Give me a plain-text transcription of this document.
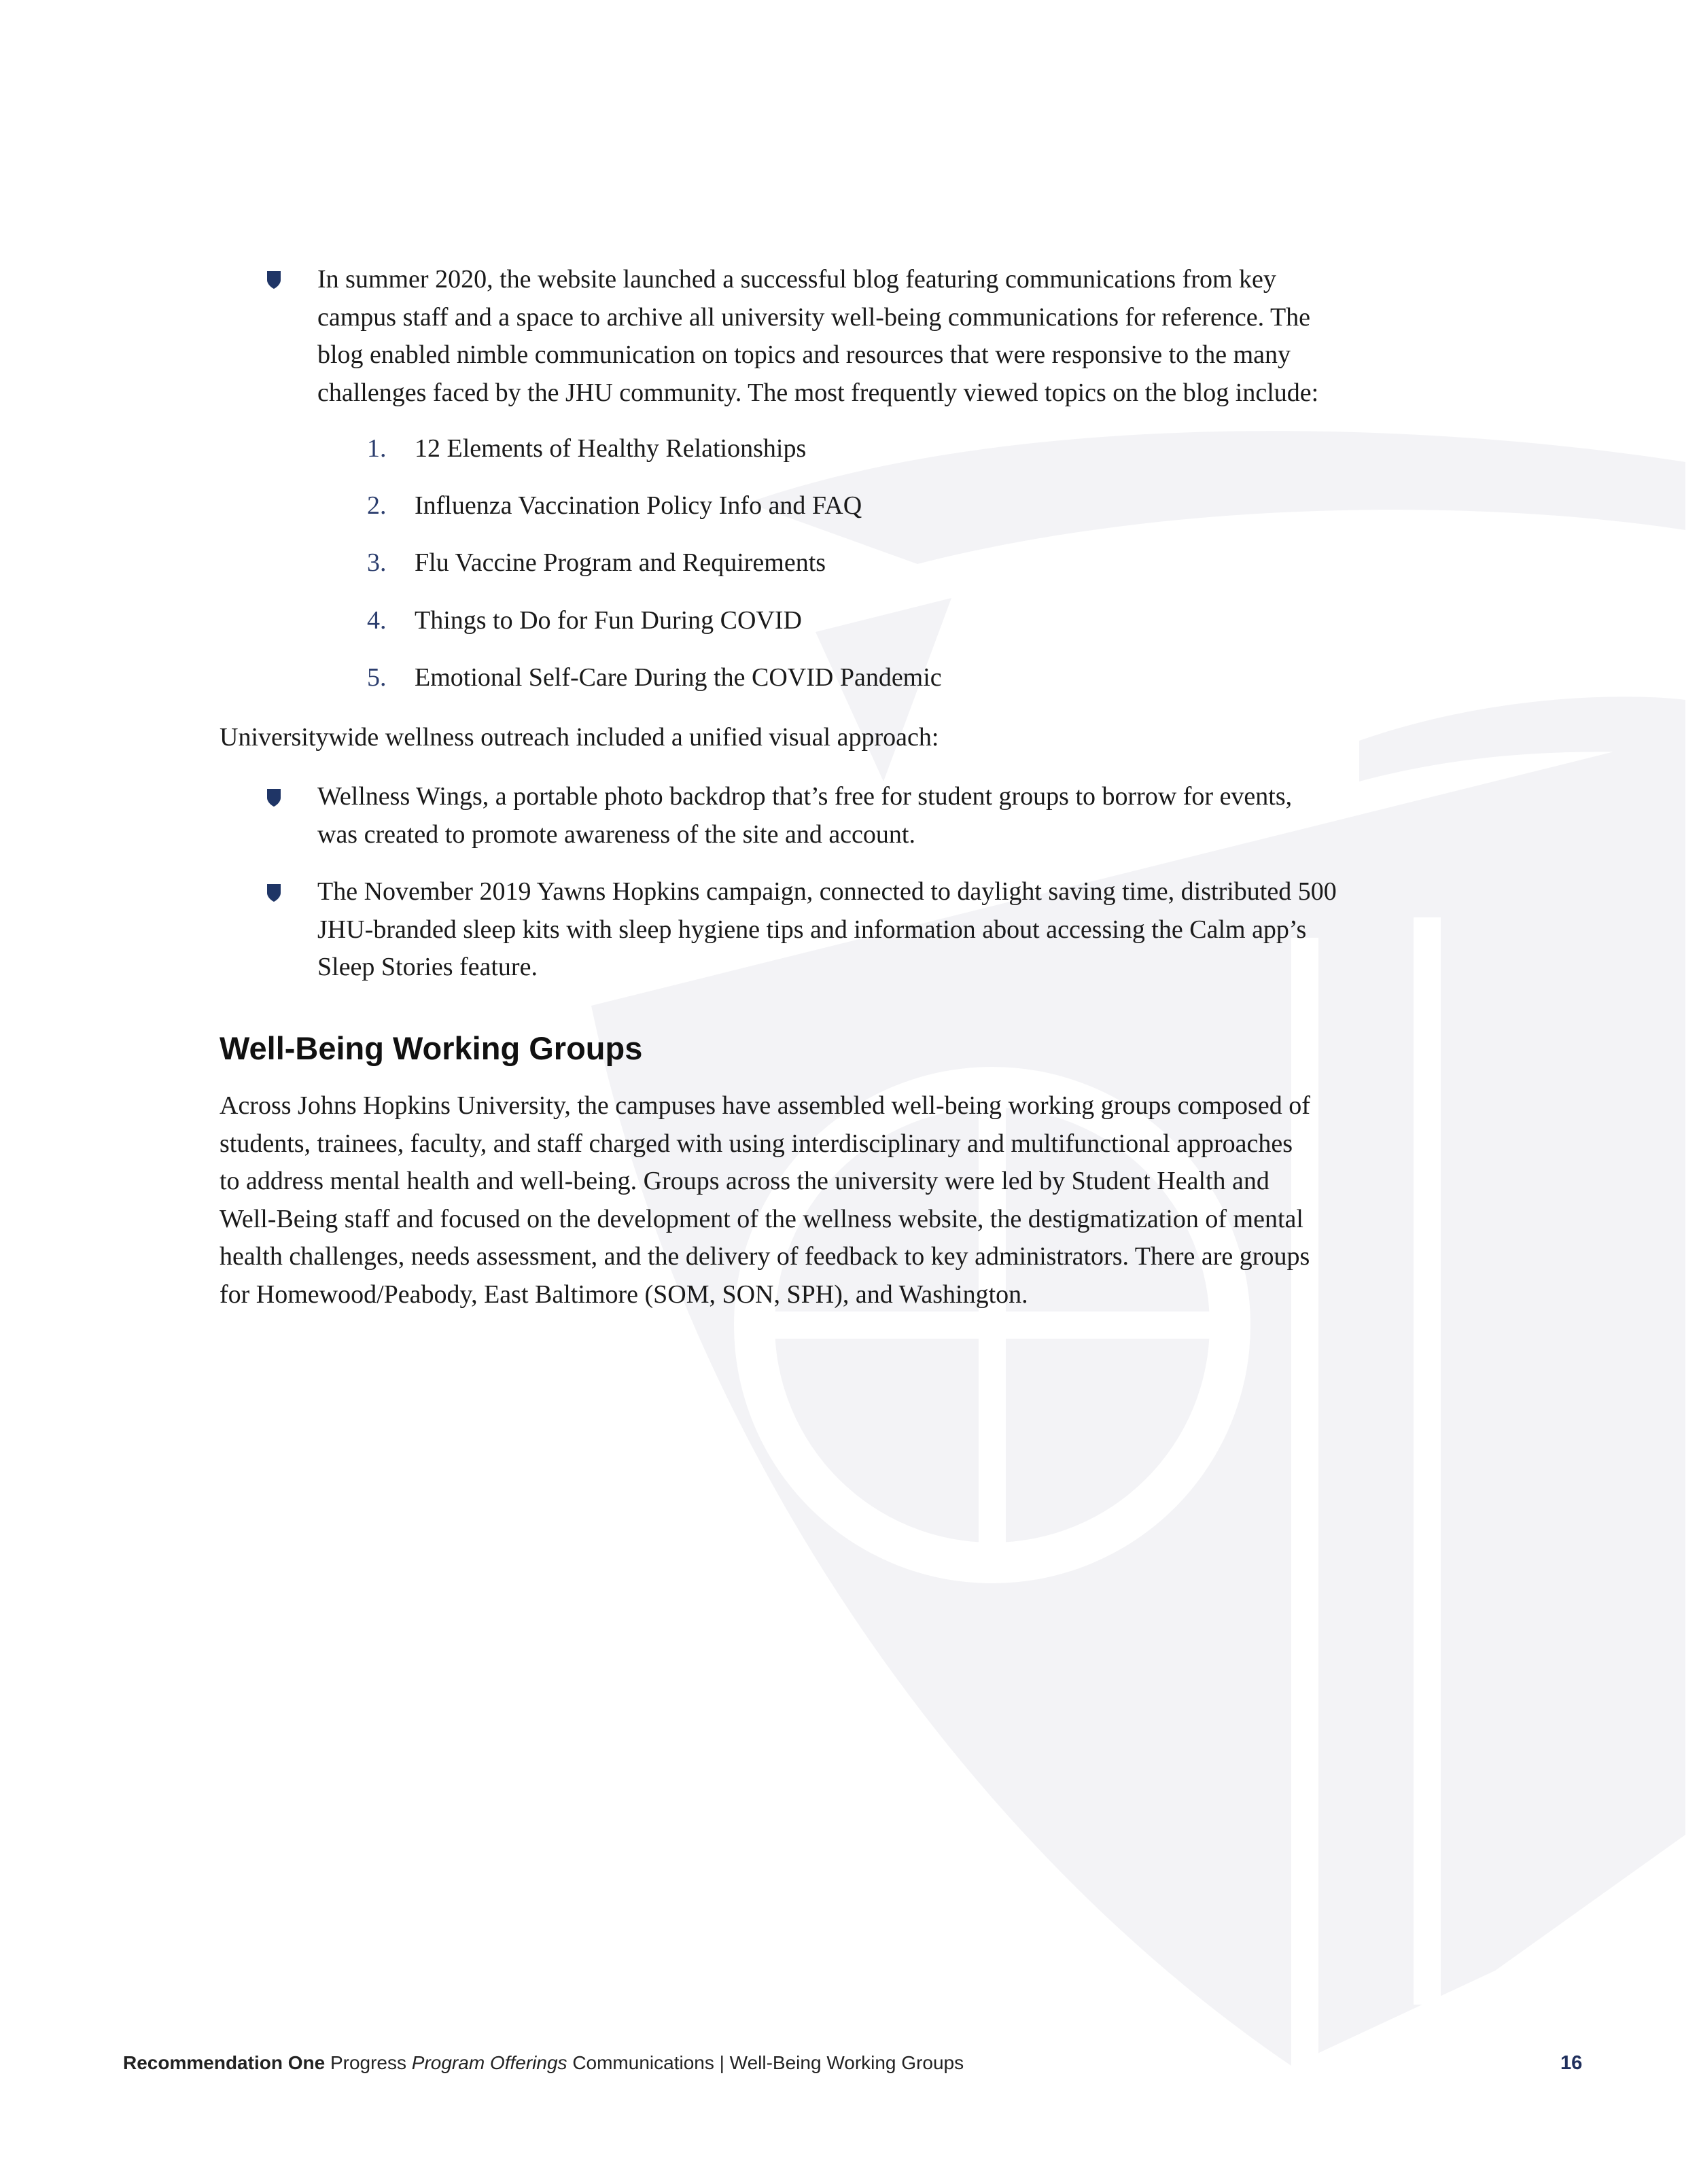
In summer 2020, the website launched a successful blog featuring communications from key
campus staff and a space to archive all university well-being communications for reference. The
blog enabled nimble communication on topics and resources that were responsive to the many
challenges faced by the JHU community. The most frequently viewed topics on the blog include:
1. 12 Elements of Healthy Relationships
2. Influenza Vaccination Policy Info and FAQ
3. Flu Vaccine Program and Requirements
4. Things to Do for Fun During COVID
5. Emotional Self-Care During the COVID Pandemic
Universitywide wellness outreach included a unified visual approach:
Wellness Wings, a portable photo backdrop that’s free for student groups to borrow for events,
was created to promote awareness of the site and account.
The November 2019 Yawns Hopkins campaign, connected to daylight saving time, distributed 500
JHU-branded sleep kits with sleep hygiene tips and information about accessing the Calm app’s
Sleep Stories feature.
Well-Being Working Groups
Across Johns Hopkins University, the campuses have assembled well-being working groups composed of
students, trainees, faculty, and staff charged with using interdisciplinary and multifunctional approaches
to address mental health and well-being. Groups across the university were led by Student Health and
Well-Being staff and focused on the development of the wellness website, the destigmatization of mental
health challenges, needs assessment, and the delivery of feedback to key administrators. There are groups
for Homewood/Peabody, East Baltimore (SOM, SON, SPH), and Washington.
Recommendation One Progress Program Offerings Communications | Well-Being Working Groups	16
